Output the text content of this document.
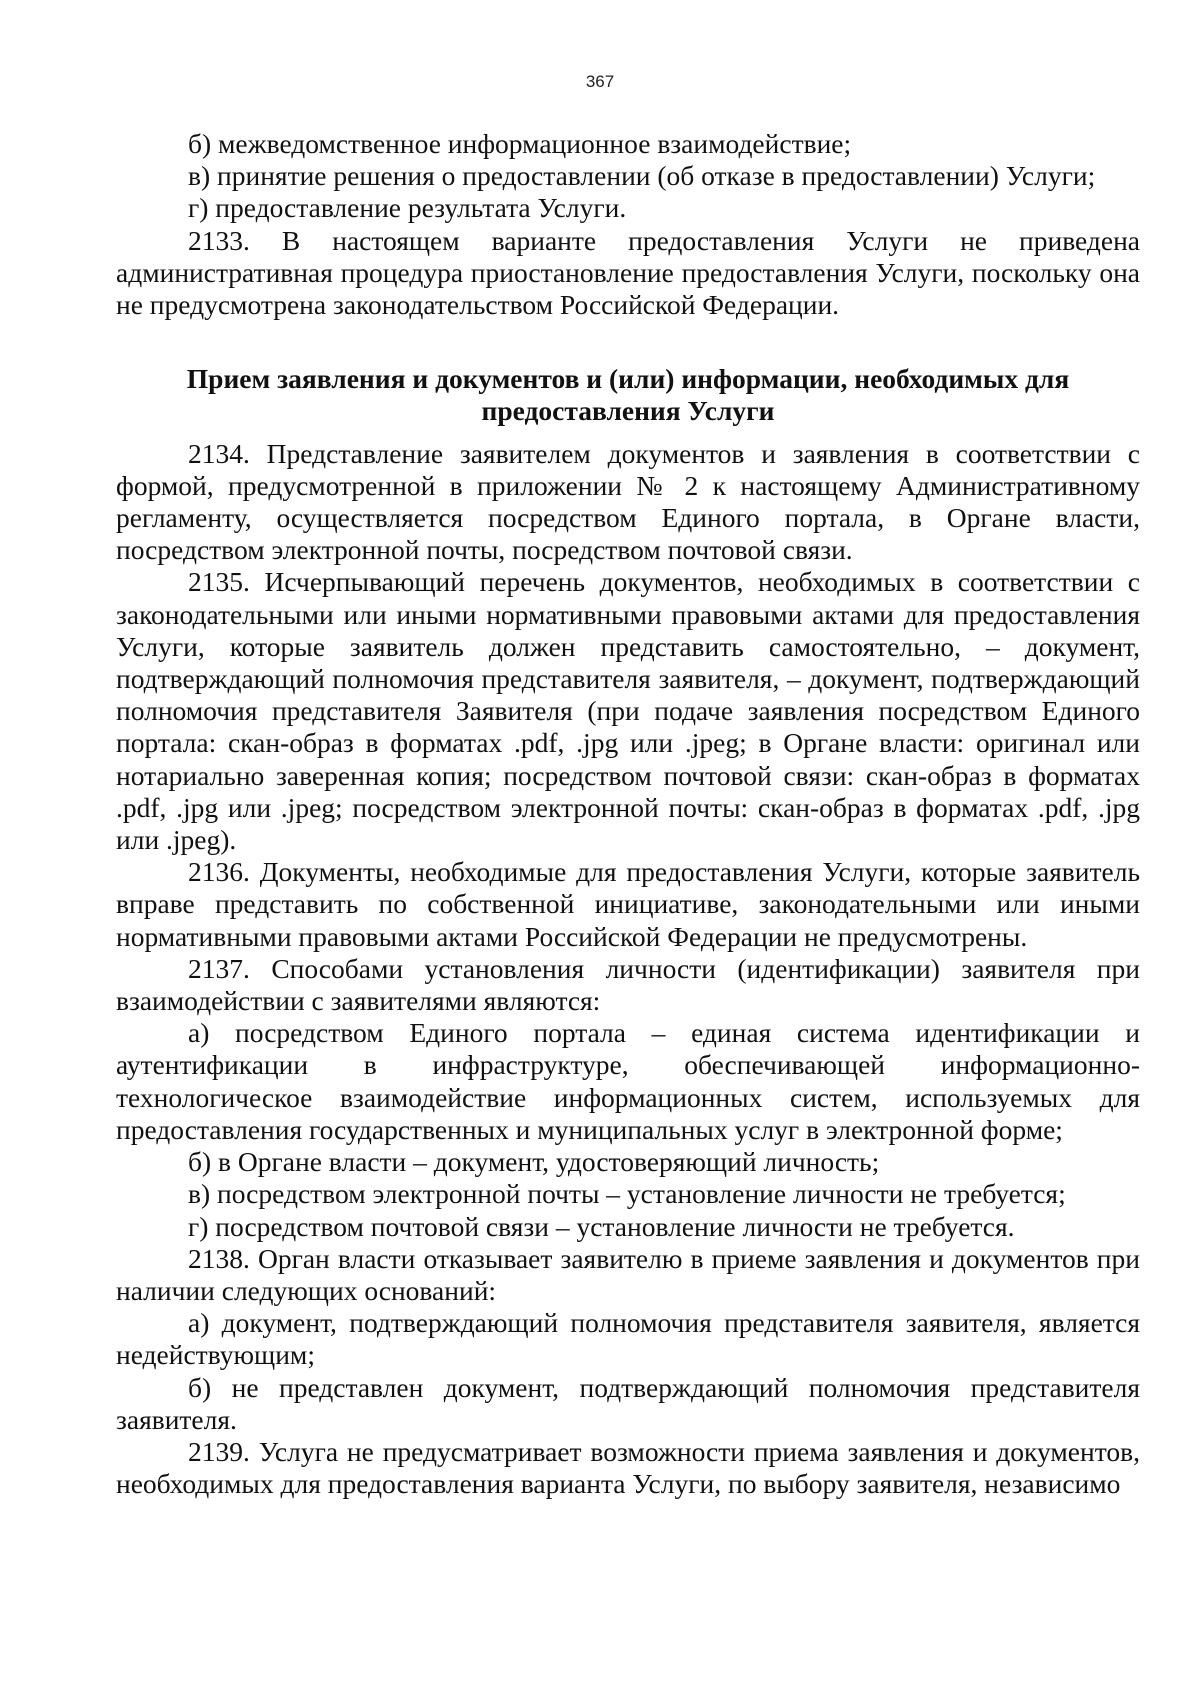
367

б) межведомственное информационное взаимодействие;

в) принятие решения о предоставлении (об отказе в предоставлении) Услуги;

г) предоставление результата Услуги.

2133. В настоящем варианте предоставления Услуги не приведена административная процедура приостановление предоставления Услуги, поскольку она не предусмотрена законодательством Российской Федерации.

Прием заявления и документов и (или) информации, необходимых для
предоставления Услуги

2134. Представление заявителем документов и заявления в соответствии с формой, предусмотренной в приложении № 2 к настоящему Административному регламенту, осуществляется посредством Единого портала, в Органе власти, посредством электронной почты, посредством почтовой связи.

2135. Исчерпывающий перечень документов, необходимых в соответствии с законодательными или иными нормативными правовыми актами для предоставления Услуги, которые заявитель должен представить самостоятельно, – документ, подтверждающий полномочия представителя заявителя, – документ, подтверждающий полномочия представителя Заявителя (при подаче заявления посредством Единого портала: скан-образ в форматах .pdf, .jpg или .jpeg; в Органе власти: оригинал или нотариально заверенная копия; посредством почтовой связи: скан-образ в форматах .pdf, .jpg или .jpeg; посредством электронной почты: скан-образ в форматах .pdf, .jpg или .jpeg).

2136. Документы, необходимые для предоставления Услуги, которые заявитель вправе представить по собственной инициативе, законодательными или иными нормативными правовыми актами Российской Федерации не предусмотрены.

2137. Способами установления личности (идентификации) заявителя при взаимодействии с заявителями являются:

а) посредством Единого портала – единая система идентификации и аутентификации в инфраструктуре, обеспечивающей информационно-технологическое взаимодействие информационных систем, используемых для предоставления государственных и муниципальных услуг в электронной форме;

б) в Органе власти – документ, удостоверяющий личность;

в) посредством электронной почты – установление личности не требуется;

г) посредством почтовой связи – установление личности не требуется.

2138. Орган власти отказывает заявителю в приеме заявления и документов при наличии следующих оснований:

а) документ, подтверждающий полномочия представителя заявителя, является недействующим;

б) не представлен документ, подтверждающий полномочия представителя заявителя.

2139. Услуга не предусматривает возможности приема заявления и документов, необходимых для предоставления варианта Услуги, по выбору заявителя, независимо
